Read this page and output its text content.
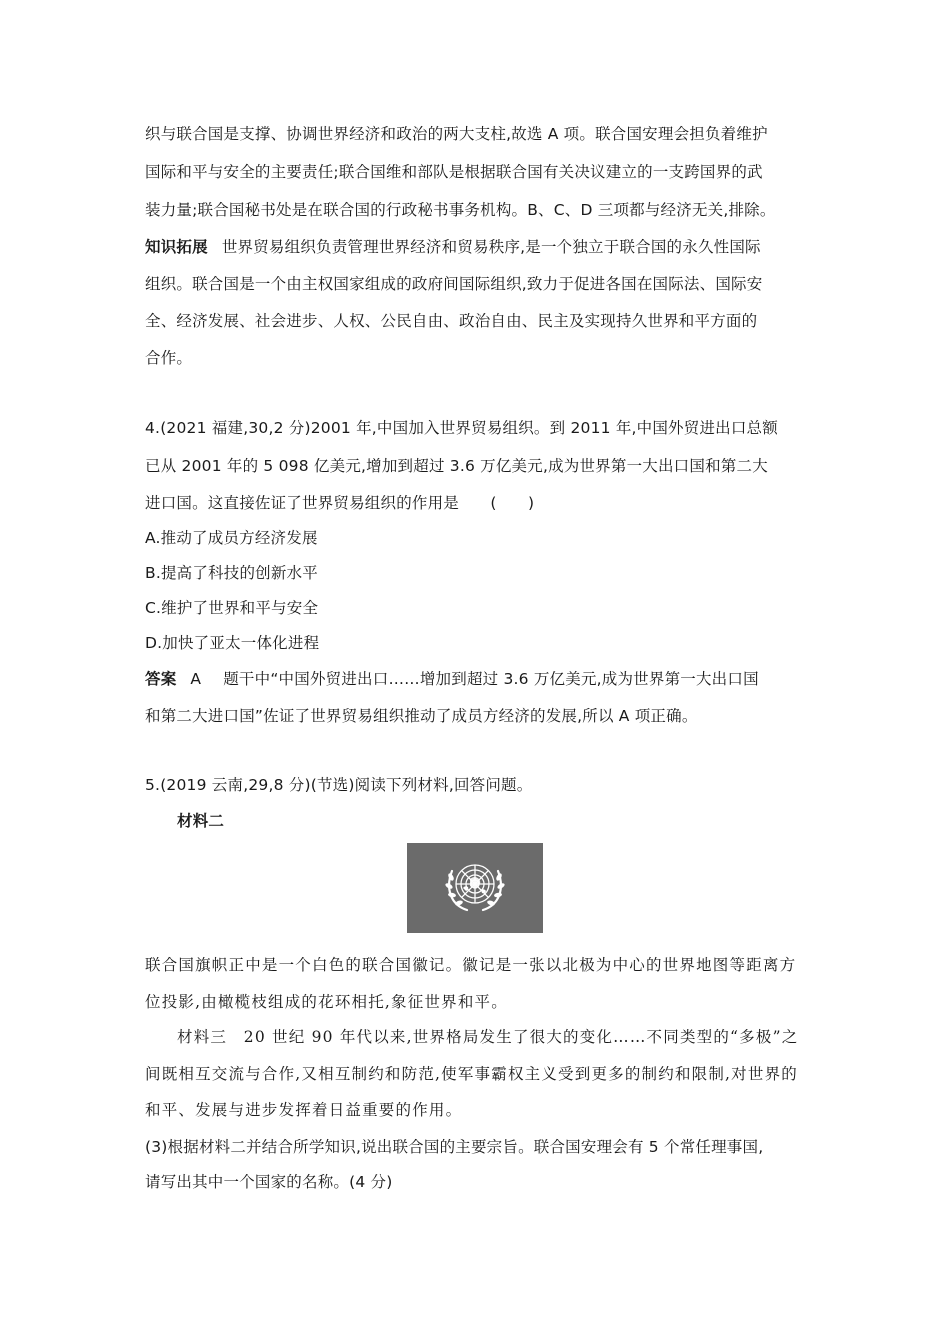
织与联合国是支撑、协调世界经济和政治的两大支柱,故选 A 项。联合国安理会担负着维护
国际和平与安全的主要责任;联合国维和部队是根据联合国有关决议建立的一支跨国界的武
装力量;联合国秘书处是在联合国的行政秘书事务机构。B、C、D 三项都与经济无关,排除。
知识拓展 世界贸易组织负责管理世界经济和贸易秩序,是一个独立于联合国的永久性国际
组织。联合国是一个由主权国家组成的政府间国际组织,致力于促进各国在国际法、国际安
全、经济发展、社会进步、人权、公民自由、政治自由、民主及实现持久世界和平方面的
合作。
4.(2021 福建,30,2 分)2001 年,中国加入世界贸易组织。到 2011 年,中国外贸进出口总额
已从 2001 年的 5 098 亿美元,增加到超过 3.6 万亿美元,成为世界第一大出口国和第二大
进口国。这直接佐证了世界贸易组织的作用是　　(　　)
A.推动了成员方经济发展
B.提高了科技的创新水平
C.维护了世界和平与安全
D.加快了亚太一体化进程
答案 A 题干中“中国外贸进出口……增加到超过 3.6 万亿美元,成为世界第一大出口国
和第二大进口国”佐证了世界贸易组织推动了成员方经济的发展,所以 A 项正确。
5.(2019 云南,29,8 分)(节选)阅读下列材料,回答问题。
材料二
联合国旗帜正中是一个白色的联合国徽记。徽记是一张以北极为中心的世界地图等距离方
位投影,由橄榄枝组成的花环相托,象征世界和平。
材料三　20 世纪 90 年代以来,世界格局发生了很大的变化……不同类型的“多极”之
间既相互交流与合作,又相互制约和防范,使军事霸权主义受到更多的制约和限制,对世界的
和平、发展与进步发挥着日益重要的作用。
(3)根据材料二并结合所学知识,说出联合国的主要宗旨。联合国安理会有 5 个常任理事国,
请写出其中一个国家的名称。(4 分)
